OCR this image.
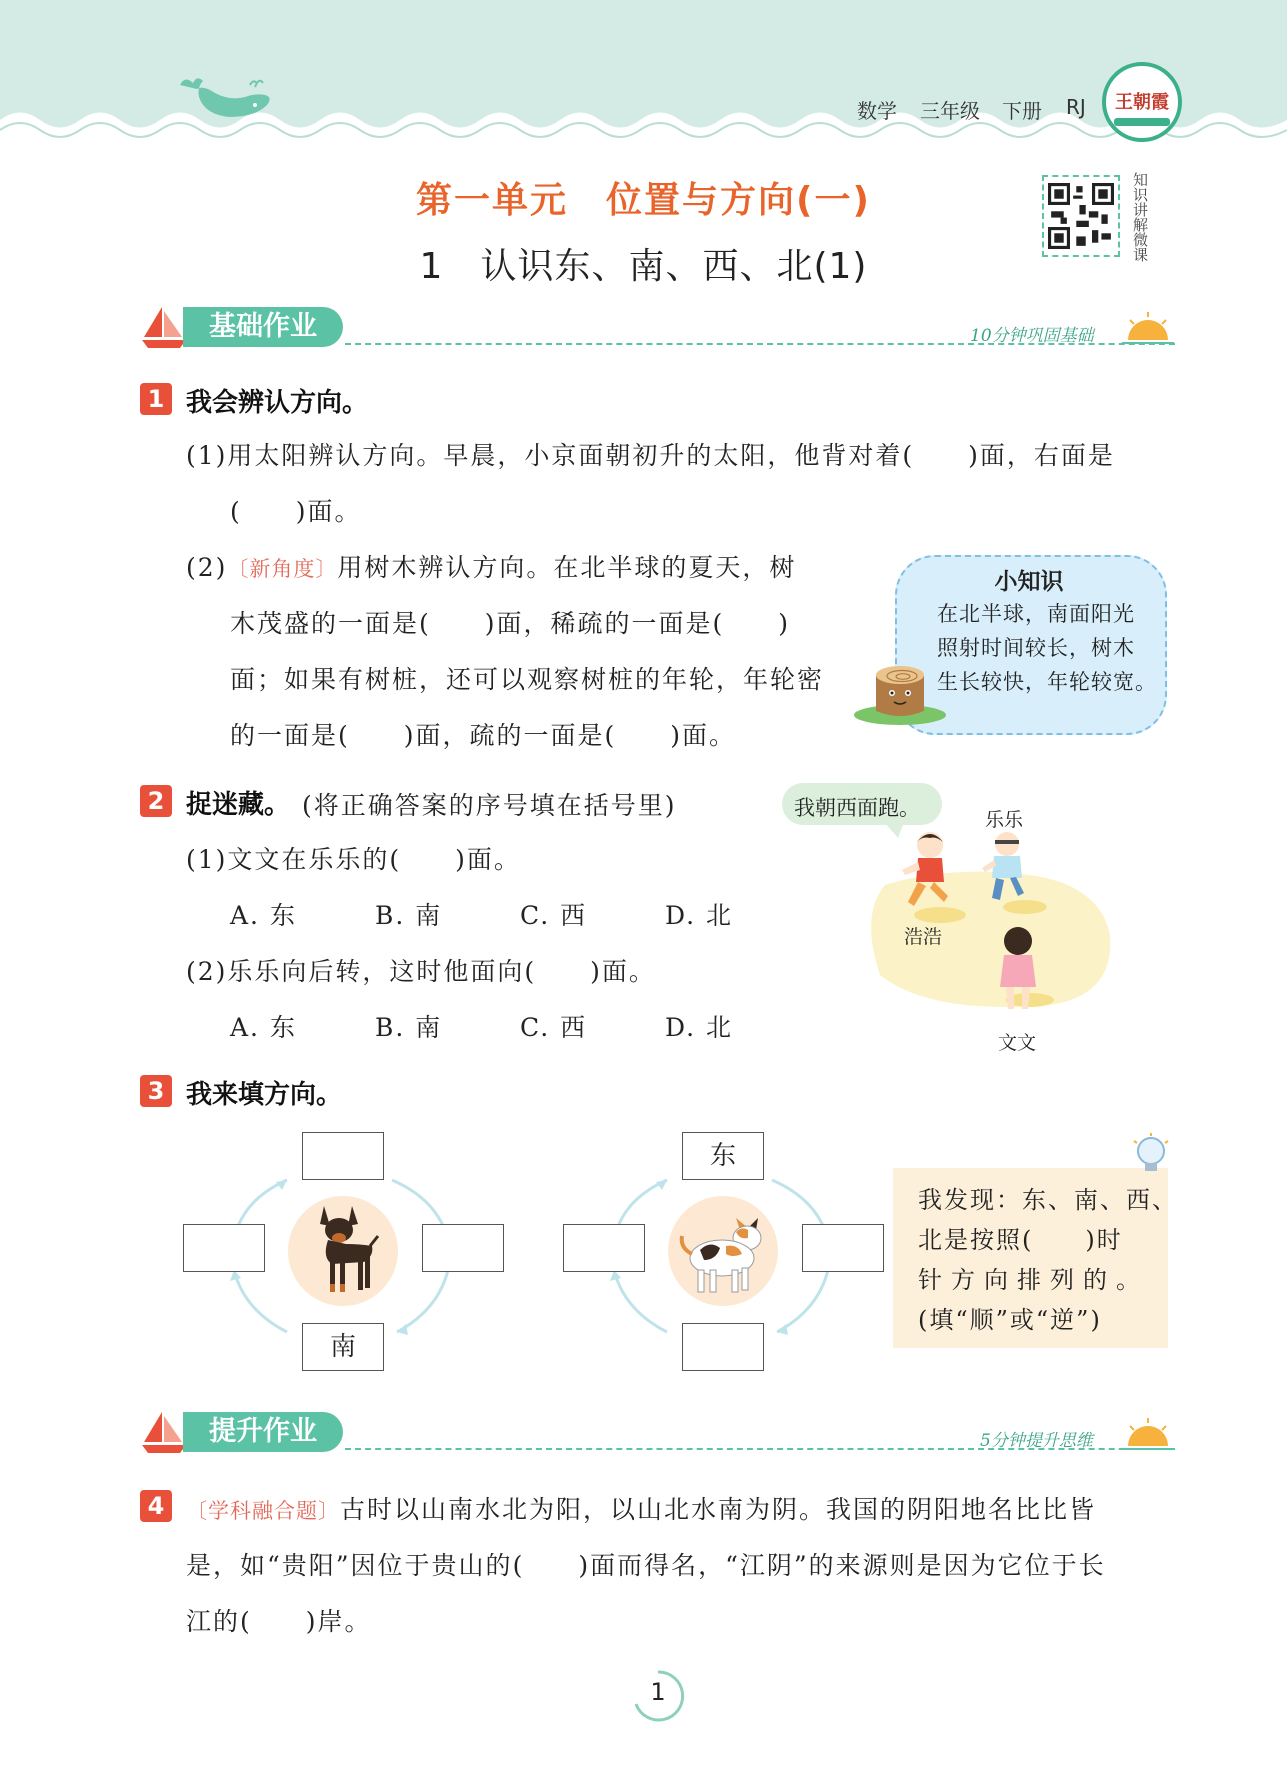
数学 三年级 下册 RJ	王朝霞
第一单元　位置与方向(一)
1　认识东、南、西、北(1)
知识讲解微课
基础作业	10分钟巩固基础
1 我会辨认方向。
(1)用太阳辨认方向。早晨，小京面朝初升的太阳，他背对着(　　)面，右面是
(　　)面。
(2)〔新角度〕用树木辨认方向。在北半球的夏天，树
木茂盛的一面是(　　)面，稀疏的一面是(　　)
面；如果有树桩，还可以观察树桩的年轮，年轮密
的一面是(　　)面，疏的一面是(　　)面。
小知识
在北半球，南面阳光
照射时间较长，树木
生长较快，年轮较宽。
2 捉迷藏。 (将正确答案的序号填在括号里)
(1)文文在乐乐的(　　)面。
A. 东	B. 南	C. 西	D. 北
(2)乐乐向后转，这时他面向(　　)面。
A. 东	B. 南	C. 西	D. 北
我朝西面跑。	乐乐
浩浩
文文
3 我来填方向。
南
东
我发现：东、南、西、
北是按照(　　)时
针方向排列的。
(填“顺”或“逆”)
提升作业	5分钟提升思维
4	〔学科融合题〕古时以山南水北为阳，以山北水南为阴。我国的阴阳地名比比皆
是，如“贵阳”因位于贵山的(　　)面而得名，“江阴”的来源则是因为它位于长
江的(　　)岸。
1
